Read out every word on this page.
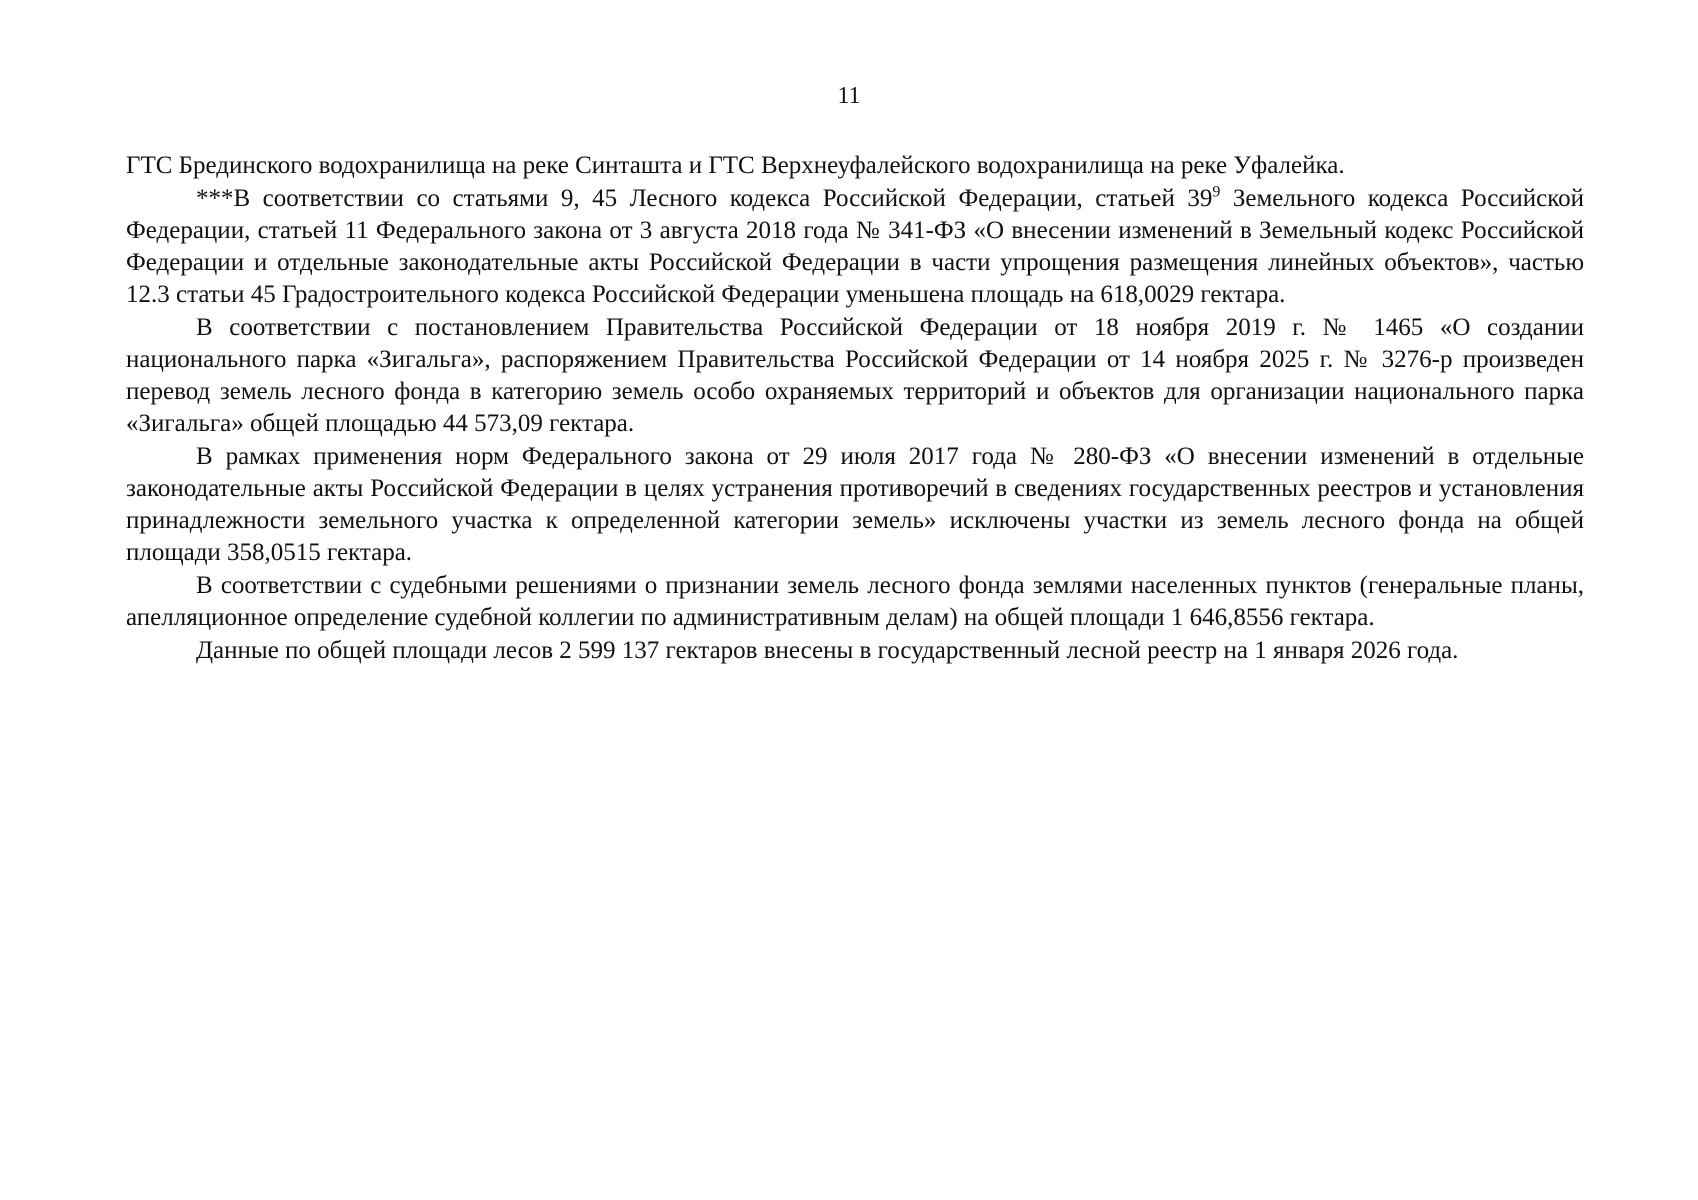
11

ГТС Брединского водохранилища на реке Синташта и ГТС Верхнеуфалейского водохранилища на реке Уфалейка.

***В соответствии со статьями 9, 45 Лесного кодекса Российской Федерации, статьей $39^9$ Земельного кодекса Российской Федерации, статьей 11 Федерального закона от 3 августа 2018 года № 341-ФЗ «О внесении изменений в Земельный кодекс Российской Федерации и отдельные законодательные акты Российской Федерации в части упрощения размещения линейных объектов», частью 12.3 статьи 45 Градостроительного кодекса Российской Федерации уменьшена площадь на 618,0029 гектара.

В соответствии с постановлением Правительства Российской Федерации от 18 ноября 2019 г. № 1465 «О создании национального парка «Зигальга», распоряжением Правительства Российской Федерации от 14 ноября 2025 г. № 3276-р произведен перевод земель лесного фонда в категорию земель особо охраняемых территорий и объектов для организации национального парка «Зигальга» общей площадью 44 573,09 гектара.

В рамках применения норм Федерального закона от 29 июля 2017 года № 280-ФЗ «О внесении изменений в отдельные законодательные акты Российской Федерации в целях устранения противоречий в сведениях государственных реестров и установления принадлежности земельного участка к определенной категории земель» исключены участки из земель лесного фонда на общей площади 358,0515 гектара.

В соответствии с судебными решениями о признании земель лесного фонда землями населенных пунктов (генеральные планы, апелляционное определение судебной коллегии по административным делам) на общей площади 1 646,8556 гектара.

Данные по общей площади лесов 2 599 137 гектаров внесены в государственный лесной реестр на 1 января 2026 года.
